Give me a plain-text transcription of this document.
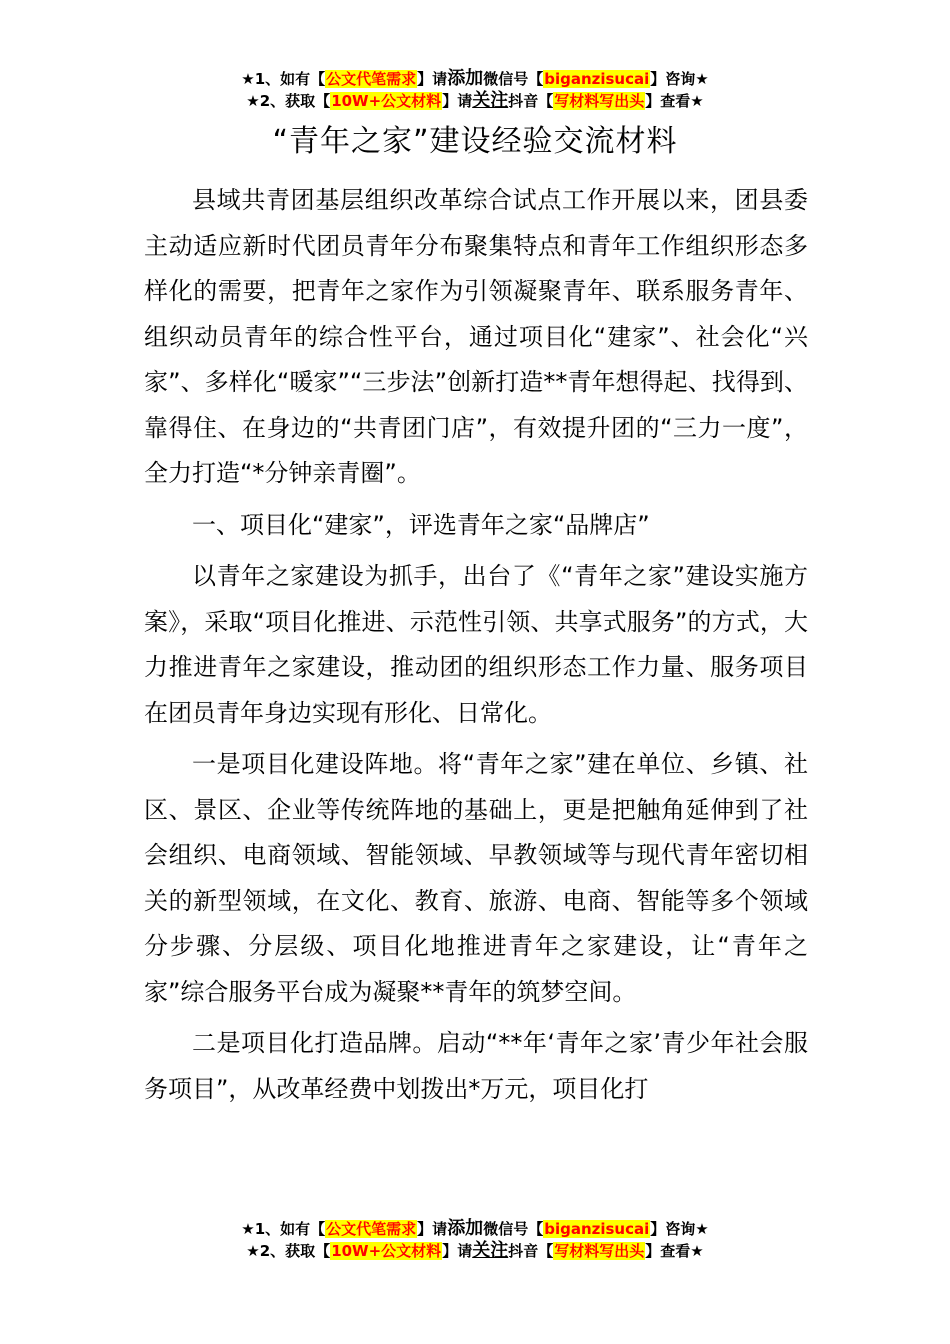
★1、如有【公文代笔需求】请添加微信号【biganzisucai】咨询★
★2、获取【10W+公文材料】请关注抖音【写材料写出头】查看★
“青年之家”建设经验交流材料

县域共青团基层组织改革综合试点工作开展以来，团县委主动适应新时代团员青年分布聚集特点和青年工作组织形态多样化的需要，把青年之家作为引领凝聚青年、联系服务青年、组织动员青年的综合性平台，通过项目化“建家”、社会化“兴家”、多样化“暖家”“三步法”创新打造**青年想得起、找得到、靠得住、在身边的“共青团门店”，有效提升团的“三力一度”，全力打造“*分钟亲青圈”。

一、项目化“建家”，评选青年之家“品牌店”

以青年之家建设为抓手，出台了《“青年之家”建设实施方案》，采取“项目化推进、示范性引领、共享式服务”的方式，大力推进青年之家建设，推动团的组织形态工作力量、服务项目在团员青年身边实现有形化、日常化。

一是项目化建设阵地。将“青年之家”建在单位、乡镇、社区、景区、企业等传统阵地的基础上，更是把触角延伸到了社会组织、电商领域、智能领域、早教领域等与现代青年密切相关的新型领域，在文化、教育、旅游、电商、智能等多个领域分步骤、分层级、项目化地推进青年之家建设，让“青年之家”综合服务平台成为凝聚**青年的筑梦空间。

二是项目化打造品牌。启动“**年‘青年之家’青少年社会服务项目”，从改革经费中划拨出*万元，项目化打

★1、如有【公文代笔需求】请添加微信号【biganzisucai】咨询★
★2、获取【10W+公文材料】请关注抖音【写材料写出头】查看★
